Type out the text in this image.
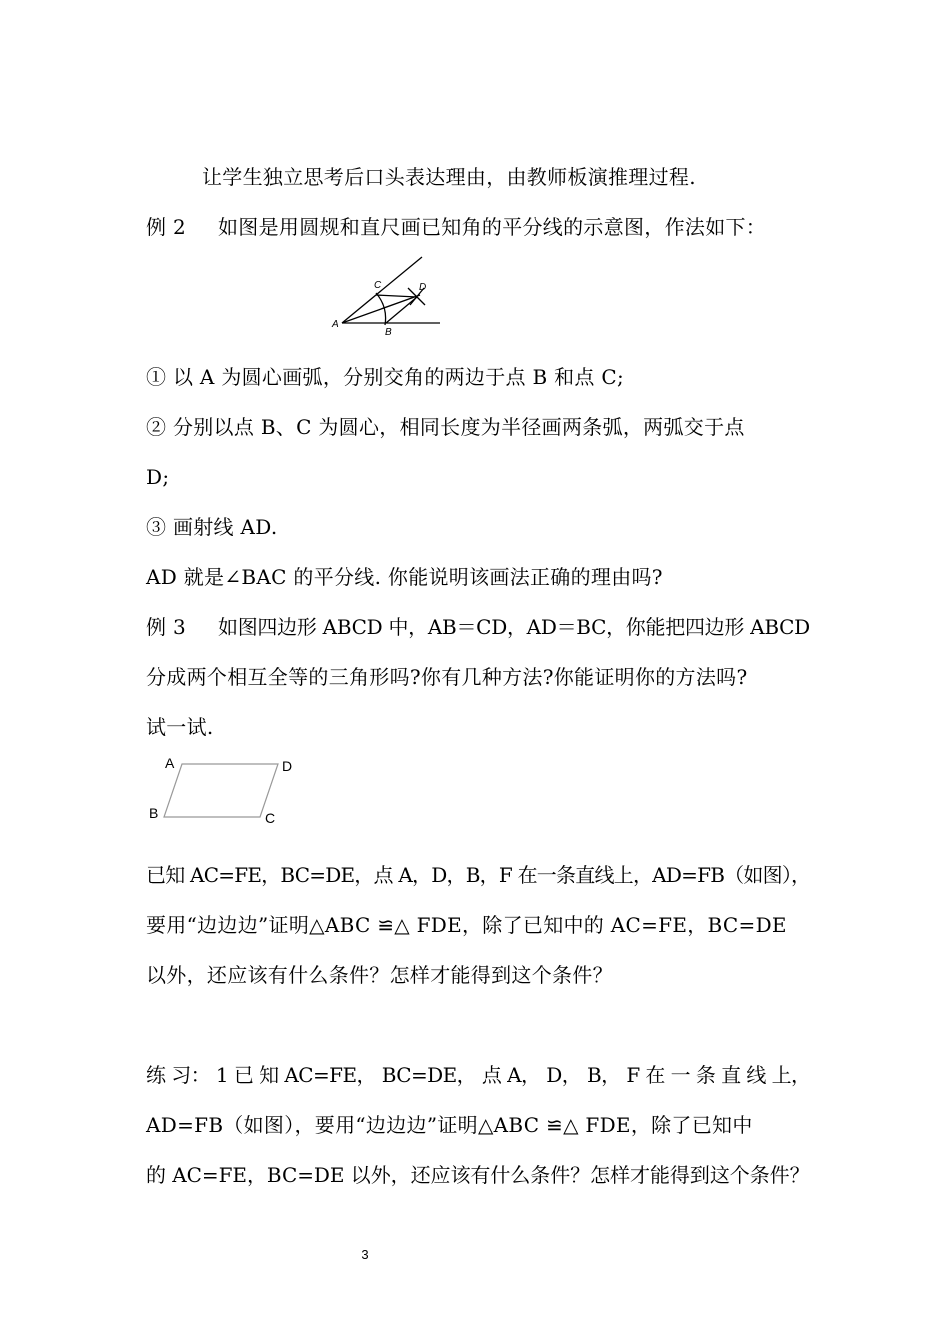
让学生独立思考后口头表达理由，由教师板演推理过程.
例 2 如图是用圆规和直尺画已知角的平分线的示意图，作法如下：
A
B
C	D
① 以 A 为圆心画弧，分别交角的两边于点 B 和点 C;
② 分别以点 B、C 为圆心，相同长度为半径画两条弧，两弧交于点
D;
③ 画射线 AD.
AD 就是∠BAC 的平分线. 你能说明该画法正确的理由吗?
例 3 如图四边形 ABCD 中，AB＝CD，AD＝BC，你能把四边形 ABCD
分成两个相互全等的三角形吗?你有几种方法?你能证明你的方法吗?
试一试.
A	D
B	C
已知 AC=FE，BC=DE，点 A，D，B，F 在一条直线上，AD=FB（如图），
要用“边边边”证明△ABC ≌△ FDE，除了已知中的 AC=FE，BC=DE
以外，还应该有什么条件？怎样才能得到这个条件？
练 习： 1 已 知 AC=FE， BC=DE， 点 A， D， B， F 在 一 条 直 线 上，
AD=FB（如图），要用“边边边”证明△ABC ≌△ FDE，除了已知中
的 AC=FE，BC=DE 以外，还应该有什么条件？怎样才能得到这个条件？
3
